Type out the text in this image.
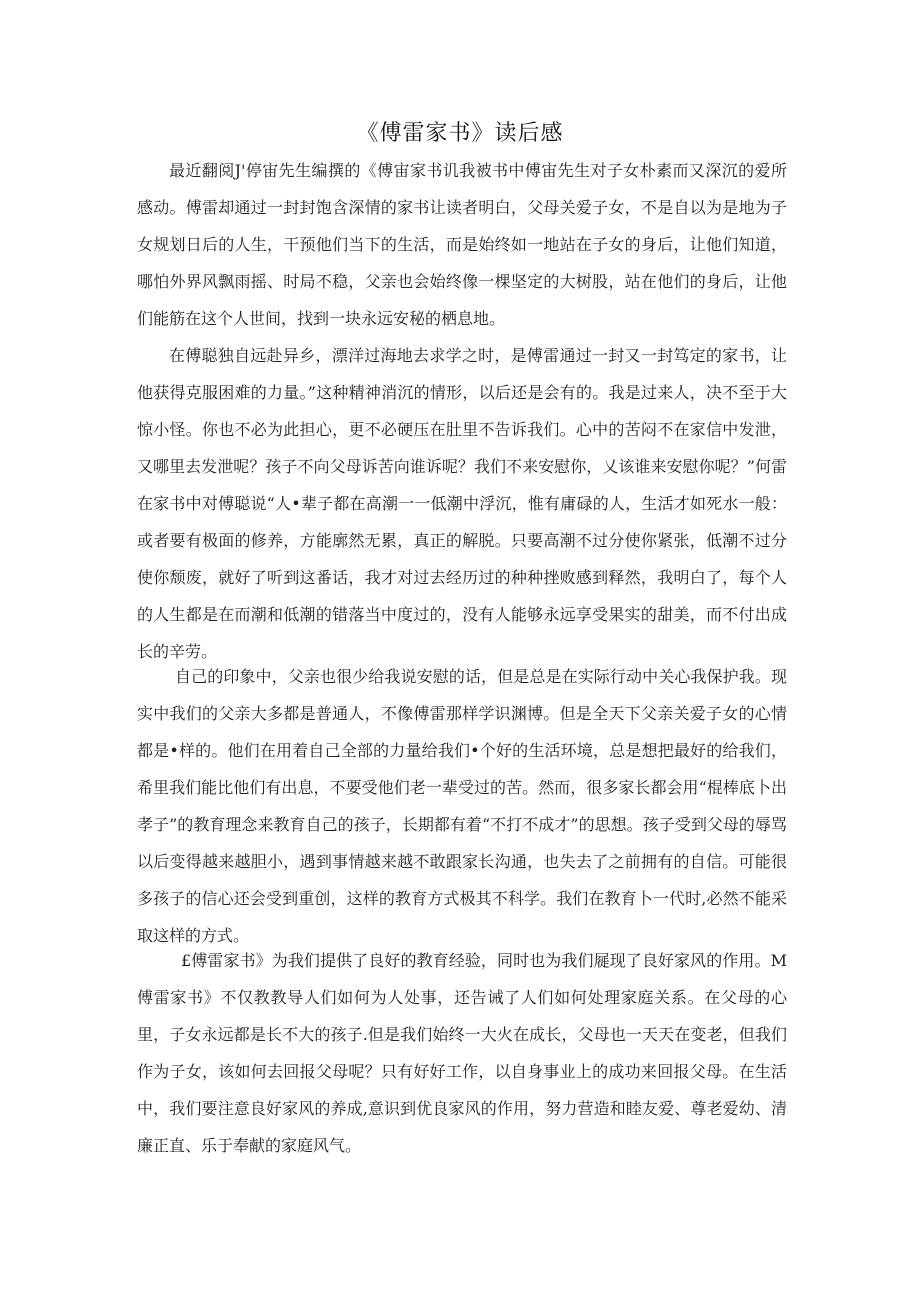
《傅雷家书》读后感

最近翻阅J'停宙先生编撰的《傅宙家书讥我被书中傅宙先生对子女朴素而又深沉的爱所感动。傅雷却通过一封封饱含深情的家书让读者明白，父母关爱子女，不是自以为是地为子女规划日后的人生，干预他们当下的生活，而是始终如一地站在子女的身后，让他们知道，哪怕外界风飘雨摇、时局不稳，父亲也会始终像一棵坚定的大树股，站在他们的身后，让他们能筋在这个人世间，找到一块永远安秘的栖息地。

在傅聪独自远赴异乡，漂洋过海地去求学之时，是傅雷通过一封又一封笃定的家书，让他获得克服困难的力量。”这种精神消沉的情形，以后还是会有的。我是过来人，决不至于大惊小怪。你也不必为此担心，更不必硬压在肚里不告诉我们。心中的苦闷不在家信中发泄，又哪里去发泄呢？孩子不向父母诉苦向谁诉呢？我们不来安慰你，乂该谁来安慰你呢？”何雷在家书中对傅聪说“人•辈子都在高潮一一低潮中浮沉，惟有庸碌的人，生活才如死水一般：或者要有极面的修养，方能廓然无累，真正的解脱。只要高潮不过分使你紧张，低潮不过分使你颓废，就好了听到这番话，我才对过去经历过的种种挫败感到释然，我明白了，每个人的人生都是在而潮和低潮的错落当中度过的，没有人能够永远享受果实的甜美，而不付出成长的辛劳。

自己的印象中，父亲也很少给我说安慰的话，但是总是在实际行动中关心我保护我。现实中我们的父亲大多都是普通人，不像傅雷那样学识渊博。但是全天下父亲关爱子女的心情都是•样的。他们在用着自己全部的力量给我们•个好的生活环境，总是想把最好的给我们，希里我们能比他们有出息，不要受他们老一辈受过的苦。然而，很多家长都会用“棍棒底卜出孝子”的教育理念来教育自己的孩子，长期都有着“不打不成才”的思想。孩子受到父母的辱骂以后变得越来越胆小，遇到事情越来越不敢跟家长沟通，也失去了之前拥有的自信。可能很多孩子的信心还会受到重创，这样的教育方式极其不科学。我们在教育卜一代时,必然不能采取这样的方式。

£傅雷家书》为我们提供了良好的教育经验，同时也为我们屣现了良好家风的作用。M傅雷家书》不仅教教导人们如何为人处事，还告诫了人们如何处理家庭关系。在父母的心里，子女永远都是长不大的孩子.但是我们始终一大火在成长，父母也一天天在变老，但我们作为子女，该如何去回报父母呢？只有好好工作，以自身事业上的成功来回报父母。在生活中，我们要注意良好家风的养成,意识到优良家风的作用，努力营造和睦友爱、尊老爱幼、清廉正直、乐于奉献的家庭风气。
